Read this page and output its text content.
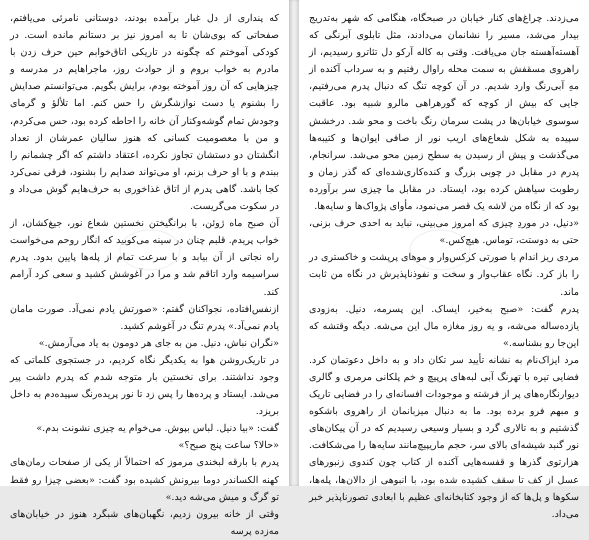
که پنداری از دل غبار برآمده بودند، دوستانی نامرئی می‌یافتم، صفحاتی که بوی‌شان تا به امروز نیز بر دستانم مانده است. در کودکی آموختم که چگونه در تاریکی اتاق‌خوابم حین حرف زدن با مادرم به خواب بروم و از حوادث روز، ماجراهایم در مدرسه و چیزهایی که آن روز آموخته بودم، برایش بگویم. می‌توانستم صدایش را بشنوم یا دست نوازشگرش را حس کنم. اما تلألؤ و گرمای وجودش تمام گوشه‌وکنار آن خانه را احاطه کرده بود، حس می‌کردم، و من با معصومیت کسانی که هنوز سالیان عمرشان از تعداد انگشتان دو دستشان تجاوز نکرده، اعتقاد داشتم که اگر چشمانم را ببندم و با او حرف بزنم، او می‌تواند صدایم را بشنود، فرقی نمی‌کرد کجا باشد. گاهی پدرم از اتاق غذاخوری به حرف‌هایم گوش می‌داد و در سکوت می‌گریست.

آن صبح ماه ژوئن، با برانگیختن نخستین شعاع نور، جیغ‌کشان، از خواب پریدم. قلبم چنان در سینه می‌کوبید که انگار روحم می‌خواست راه نجاتی از آن بیابد و با سرعت تمام از پله‌ها پایین بدود. پدرم سراسیمه وارد اتاقم شد و مرا در آغوشش کشید و سعی کرد آرامم کند.

ازنفس‌افتاده، نجواکنان گفتم: «صورتش یادم نمی‌آد. صورت مامان یادم نمی‌آد.» پدرم تنگ در آغوشم کشید.

«نگران نباش، دنیل. من به جای هر دومون به یاد می‌آرمش.»

در تاریک‌روشن هوا به یکدیگر نگاه کردیم، در جستجوی کلماتی که وجود نداشتند. برای نخستین بار متوجه شدم که پدرم داشت پیر می‌شد. ایستاد و پرده‌ها را پس زد تا نور پریده‌رنگ سپیده‌دم به داخل بریزد.

گفت: «بیا دنیل. لباس بپوش. می‌خوام یه چیزی نشونت بدم.»

«حالا؟ ساعت پنج صبح؟»

پدرم با بارقه لبخندی مرموز که احتمالاً از یکی از صفحات رمان‌های کهنه الکساندر دوما بیرونش کشیده بود گفت: «بعضی چیزا رو فقط تو گرگ و میش می‌شه دید.»

وقتی از خانه بیرون زدیم، نگهبان‌های شبگرد هنوز در خیابان‌های مه‌زده پرسه

می‌زدند. چراغ‌های کنار خیابان در صبحگاه، هنگامی که شهر به‌تدریج بیدار می‌شد، مسیر را نشانمان می‌دادند، مثل تابلوی آبرنگی که آهسته‌آهسته جان می‌یافت. وقتی به کاله آرکو دل تئاترو رسیدیم، از راهروی مسقفش به سمت محله راوال رفتیم و به سرداب آکنده از مهِ آبی‌رنگ وارد شدیم. در آن کوچه تنگ که دنبال پدرم می‌رفتیم، جایی که بیش از کوچه که گورهراهی مالرو شبیه بود. عاقبت سوسوی خیابان‌ها در پشت سرمان رنگ باخت و محو شد. درخشش سپیده به شکل شعاع‌های اریب نور از صافی ایوان‌ها و کتیبه‌ها می‌گذشت و پیش از رسیدن به سطح زمین محو می‌شد. سرانجام، پدرم در مقابل در چوبی بزرگ و کنده‌کاری‌شده‌ای که گذر زمان و رطوبت سیاهش کرده بود، ایستاد. در مقابل ما چیزی سر برآورده بود که از نگاه من لاشه یک قصر می‌نمود، مأوای پژواک‌ها و سایه‌ها.

«دنیل، در موردِ چیزی که امروز می‌بینی، نباید به احدی حرف بزنی، حتی به دوستت، توماس. هیچ‌کس.»

مردی ریز اندام با صورتی کرکس‌وار و موهای پرپشت و خاکستری در را باز کرد. نگاه عقاب‌وار و سخت و نفوذناپذیرش در نگاه من ثابت ماند.

پدرم گفت: «صبح به‌خیر، ایساک. این پسرمه، دنیل. به‌زودی یازده‌ساله می‌شه، و یه روز مغازه مال این می‌شه. دیگه وقتشه که این‌جا رو بشناسه.»

مرد ایزاک‌نام به نشانه تأیید سر تکان داد و به داخل دعوتمان کرد. فضایی تیره با تهرنگ آبی لبه‌های پرپیچ و خم پلکانی مرمری و گالری دیوارنگاره‌های پر از فرشته و موجودات افسانه‌ای را در فضایی تاریک و مبهم فرو برده بود. ما به دنبال میزبانمان از راهروی باشکوه گذشتیم و به تالاری گرد و بسیار وسیعی رسیدیم که در آن پیکان‌های نور گنبد شیشه‌ای بالای سر، حجم ماریپیچ‌مانند سایه‌ها را می‌شکافت. هزارتوی گذرها و قفسه‌هایی آکنده از کتاب چون کندوی زنبورهای عسل از کف تا سقف کشیده شده بود، با انبوهی از دالان‌ها، پله‌ها، سکوها و پل‌ها که از وجود کتابخانه‌ای عظیم با ابعادی تصورناپذیر خبر می‌داد.
